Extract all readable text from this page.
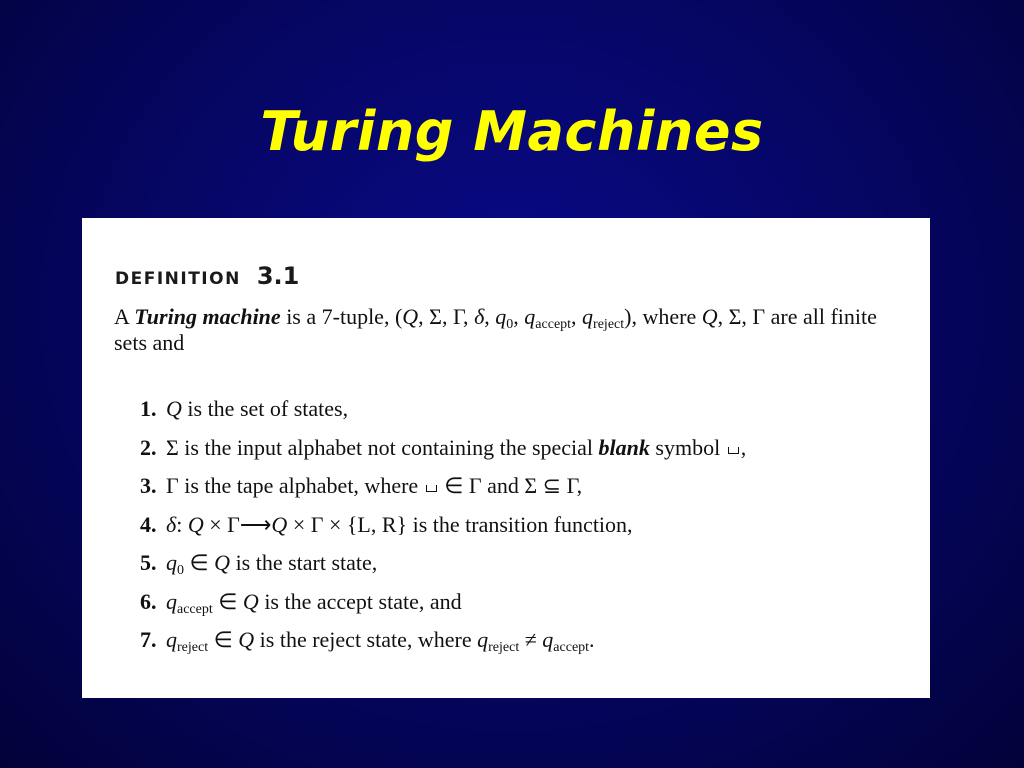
Turing Machines
DEFINITION 3.1
A Turing machine is a 7-tuple, (Q, Σ, Γ, δ, $q_0$, $q_{accept}$, $q_{reject}$), where Q, Σ, Γ are all finite sets and
1. Q is the set of states,
2. Σ is the input alphabet not containing the special blank symbol ,
3. Γ is the tape alphabet, where  ∈ Γ and Σ ⊆ Γ,
4. δ: Q × Γ⟶Q × Γ × {L, R} is the transition function,
5. $q_0$ ∈ Q is the start state,
6. $q_{accept}$ ∈ Q is the accept state, and
7. $q_{reject}$ ∈ Q is the reject state, where $q_{reject} \ne q_{accept}$.
